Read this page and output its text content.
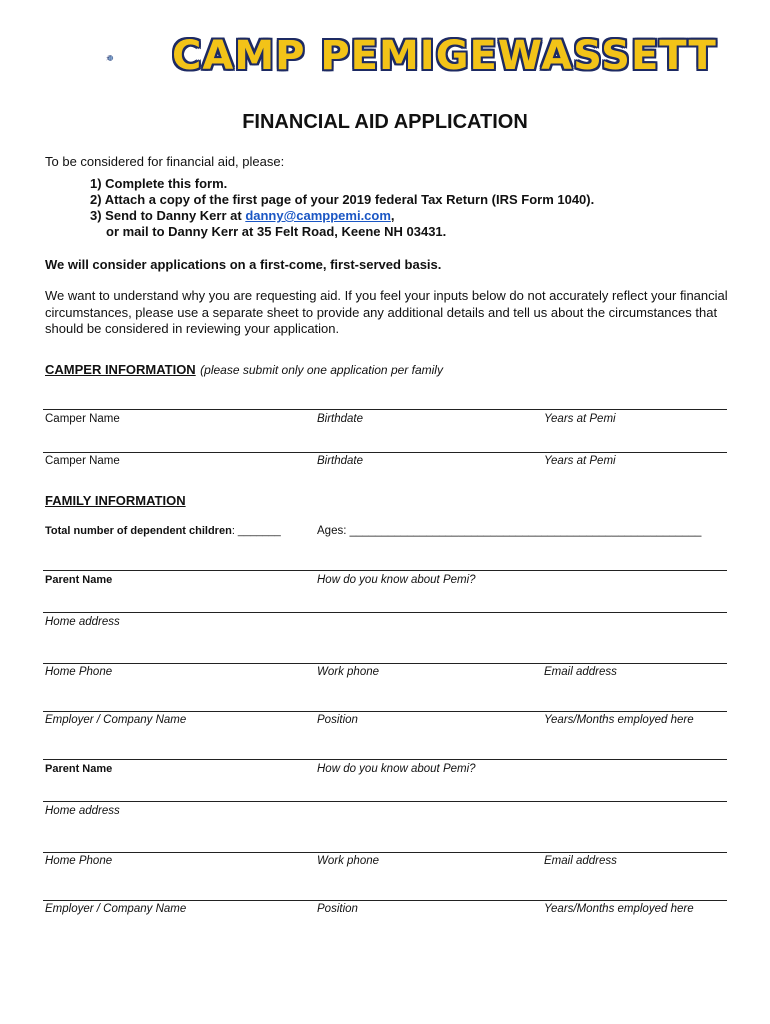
CAMP PEMIGEWASSETT
FINANCIAL AID APPLICATION
To be considered for financial aid, please:
1) Complete this form.
2) Attach a copy of the first page of your 2019 federal Tax Return (IRS Form 1040).
3) Send to Danny Kerr at danny@camppemi.com,
or mail to Danny Kerr at 35 Felt Road, Keene NH 03431.
We will consider applications on a first-come, first-served basis.
We want to understand why you are requesting aid. If you feel your inputs below do not accurately reflect your financial circumstances, please use a separate sheet to provide any additional details and tell us about the circumstances that should be considered in reviewing your application.
CAMPER INFORMATION (please submit only one application per family
Camper Name	Birthdate	Years at Pemi
Camper Name	Birthdate	Years at Pemi
FAMILY INFORMATION
Total number of dependent children: _______	Ages: _______________________________________________________
Parent Name	How do you know about Pemi?
Home address
Home Phone	Work phone	Email address
Employer / Company Name	Position	Years/Months employed here
Parent Name	How do you know about Pemi?
Home address
Home Phone	Work phone	Email address
Employer / Company Name	Position	Years/Months employed here
